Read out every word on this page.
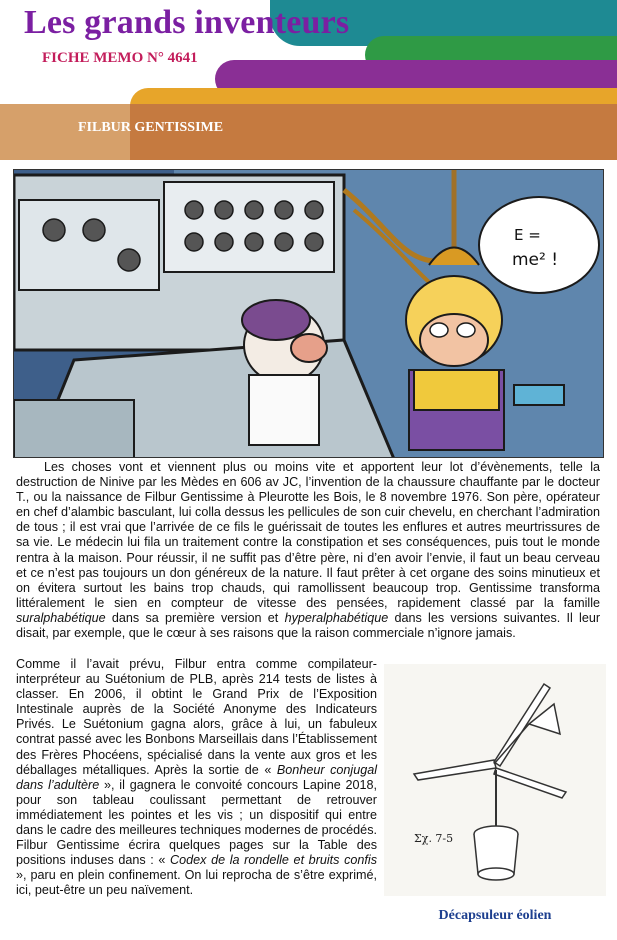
Les grands inventeurs
FICHE MEMO N° 4641
FILBUR GENTISSIME
E =
me² !

Les choses vont et viennent plus ou moins vite et apportent leur lot d’évènements, telle la destruction de Ninive par les Mèdes en 606 av JC, l’invention de la chaussure chauffante par le docteur T., ou la naissance de Filbur Gentissime à Pleurotte les Bois, le 8 novembre 1976. Son père, opérateur en chef d’alambic basculant, lui colla dessus les pellicules de son cuir chevelu, en cherchant l’admiration de tous ; il est vrai que l’arrivée de ce fils le guérissait de toutes les enflures et autres meurtrissures de sa vie. Le médecin lui fila un traitement contre la constipation et ses conséquences, puis tout le monde rentra à la maison. Pour réussir, il ne suffit pas d’être père, ni d’en avoir l’envie, il faut un beau cerveau et ce n’est pas toujours un don généreux de la nature. Il faut prêter à cet organe des soins minutieux et on évitera surtout les bains trop chauds, qui ramollissent beaucoup trop. Gentissime transforma littéralement le sien en compteur de vitesse des pensées, rapidement classé par la famille suralphabétique dans sa première version et hyperalphabétique dans les versions suivantes. Il leur disait, par exemple, que le cœur à ses raisons que la raison commerciale n’ignore jamais.

Comme il l’avait prévu, Filbur entra comme compilateur-interpréteur au Suétonium de PLB, après 214 tests de listes à classer. En 2006, il obtint le Grand Prix de l’Exposition Intestinale auprès de la Société Anonyme des Indicateurs Privés. Le Suétonium gagna alors, grâce à lui, un fabuleux contrat passé avec les Bonbons Marseillais dans l’Établissement des Frères Phocéens, spécialisé dans la vente aux gros et les déballages métalliques. Après la sortie de « Bonheur conjugal dans l’adultère », il gagnera le convoité concours Lapine 2018, pour son tableau coulissant permettant de retrouver immédiatement les pointes et les vis ; un dispositif qui entre dans le cadre des meilleures techniques modernes de procédés. Filbur Gentissime écrira quelques pages sur la Table des positions induses dans : « Codex de la rondelle et bruits confis », paru en plein confinement. On lui reprocha de s’être exprimé, ici, peut-être un peu naïvement.
Σχ. 7-5
Décapsuleur éolien
